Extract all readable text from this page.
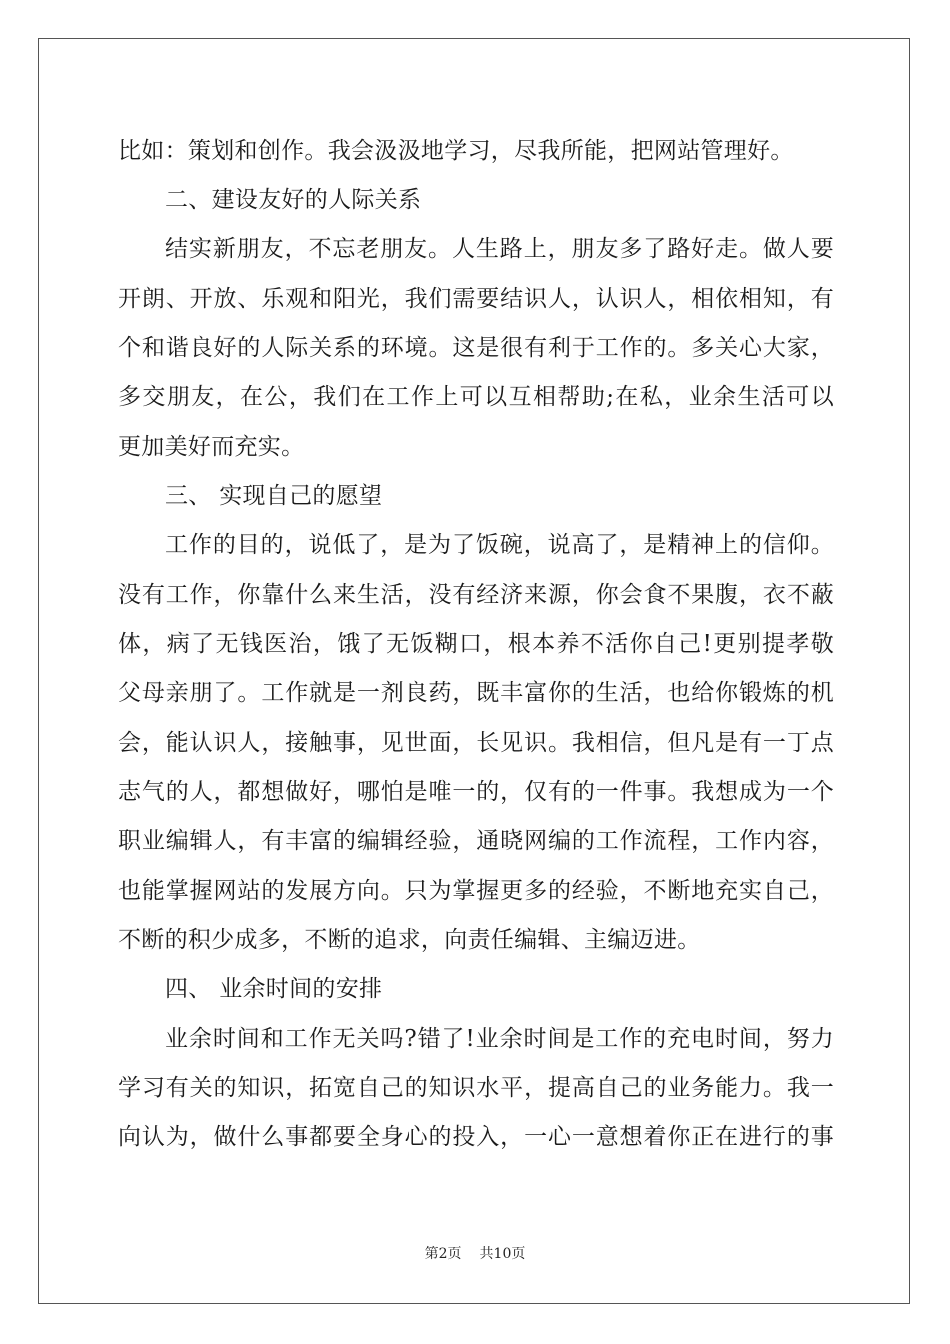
比如：策划和创作。我会汲汲地学习，尽我所能，把网站管理好。
二、建设友好的人际关系
结实新朋友，不忘老朋友。人生路上，朋友多了路好走。做人要
开朗、开放、乐观和阳光，我们需要结识人，认识人，相依相知，有
个和谐良好的人际关系的环境。这是很有利于工作的。多关心大家，
多交朋友，在公，我们在工作上可以互相帮助;在私，业余生活可以
更加美好而充实。
三、 实现自己的愿望
工作的目的，说低了，是为了饭碗，说高了，是精神上的信仰。
没有工作，你靠什么来生活，没有经济来源，你会食不果腹，衣不蔽
体，病了无钱医治，饿了无饭糊口，根本养不活你自己!更别提孝敬
父母亲朋了。工作就是一剂良药，既丰富你的生活，也给你锻炼的机
会，能认识人，接触事，见世面，长见识。我相信，但凡是有一丁点
志气的人，都想做好，哪怕是唯一的，仅有的一件事。我想成为一个
职业编辑人，有丰富的编辑经验，通晓网编的工作流程，工作内容，
也能掌握网站的发展方向。只为掌握更多的经验，不断地充实自己，
不断的积少成多，不断的追求，向责任编辑、主编迈进。
四、 业余时间的安排
业余时间和工作无关吗?错了!业余时间是工作的充电时间，努力
学习有关的知识，拓宽自己的知识水平，提高自己的业务能力。我一
向认为，做什么事都要全身心的投入，一心一意想着你正在进行的事
第2页 共10页
